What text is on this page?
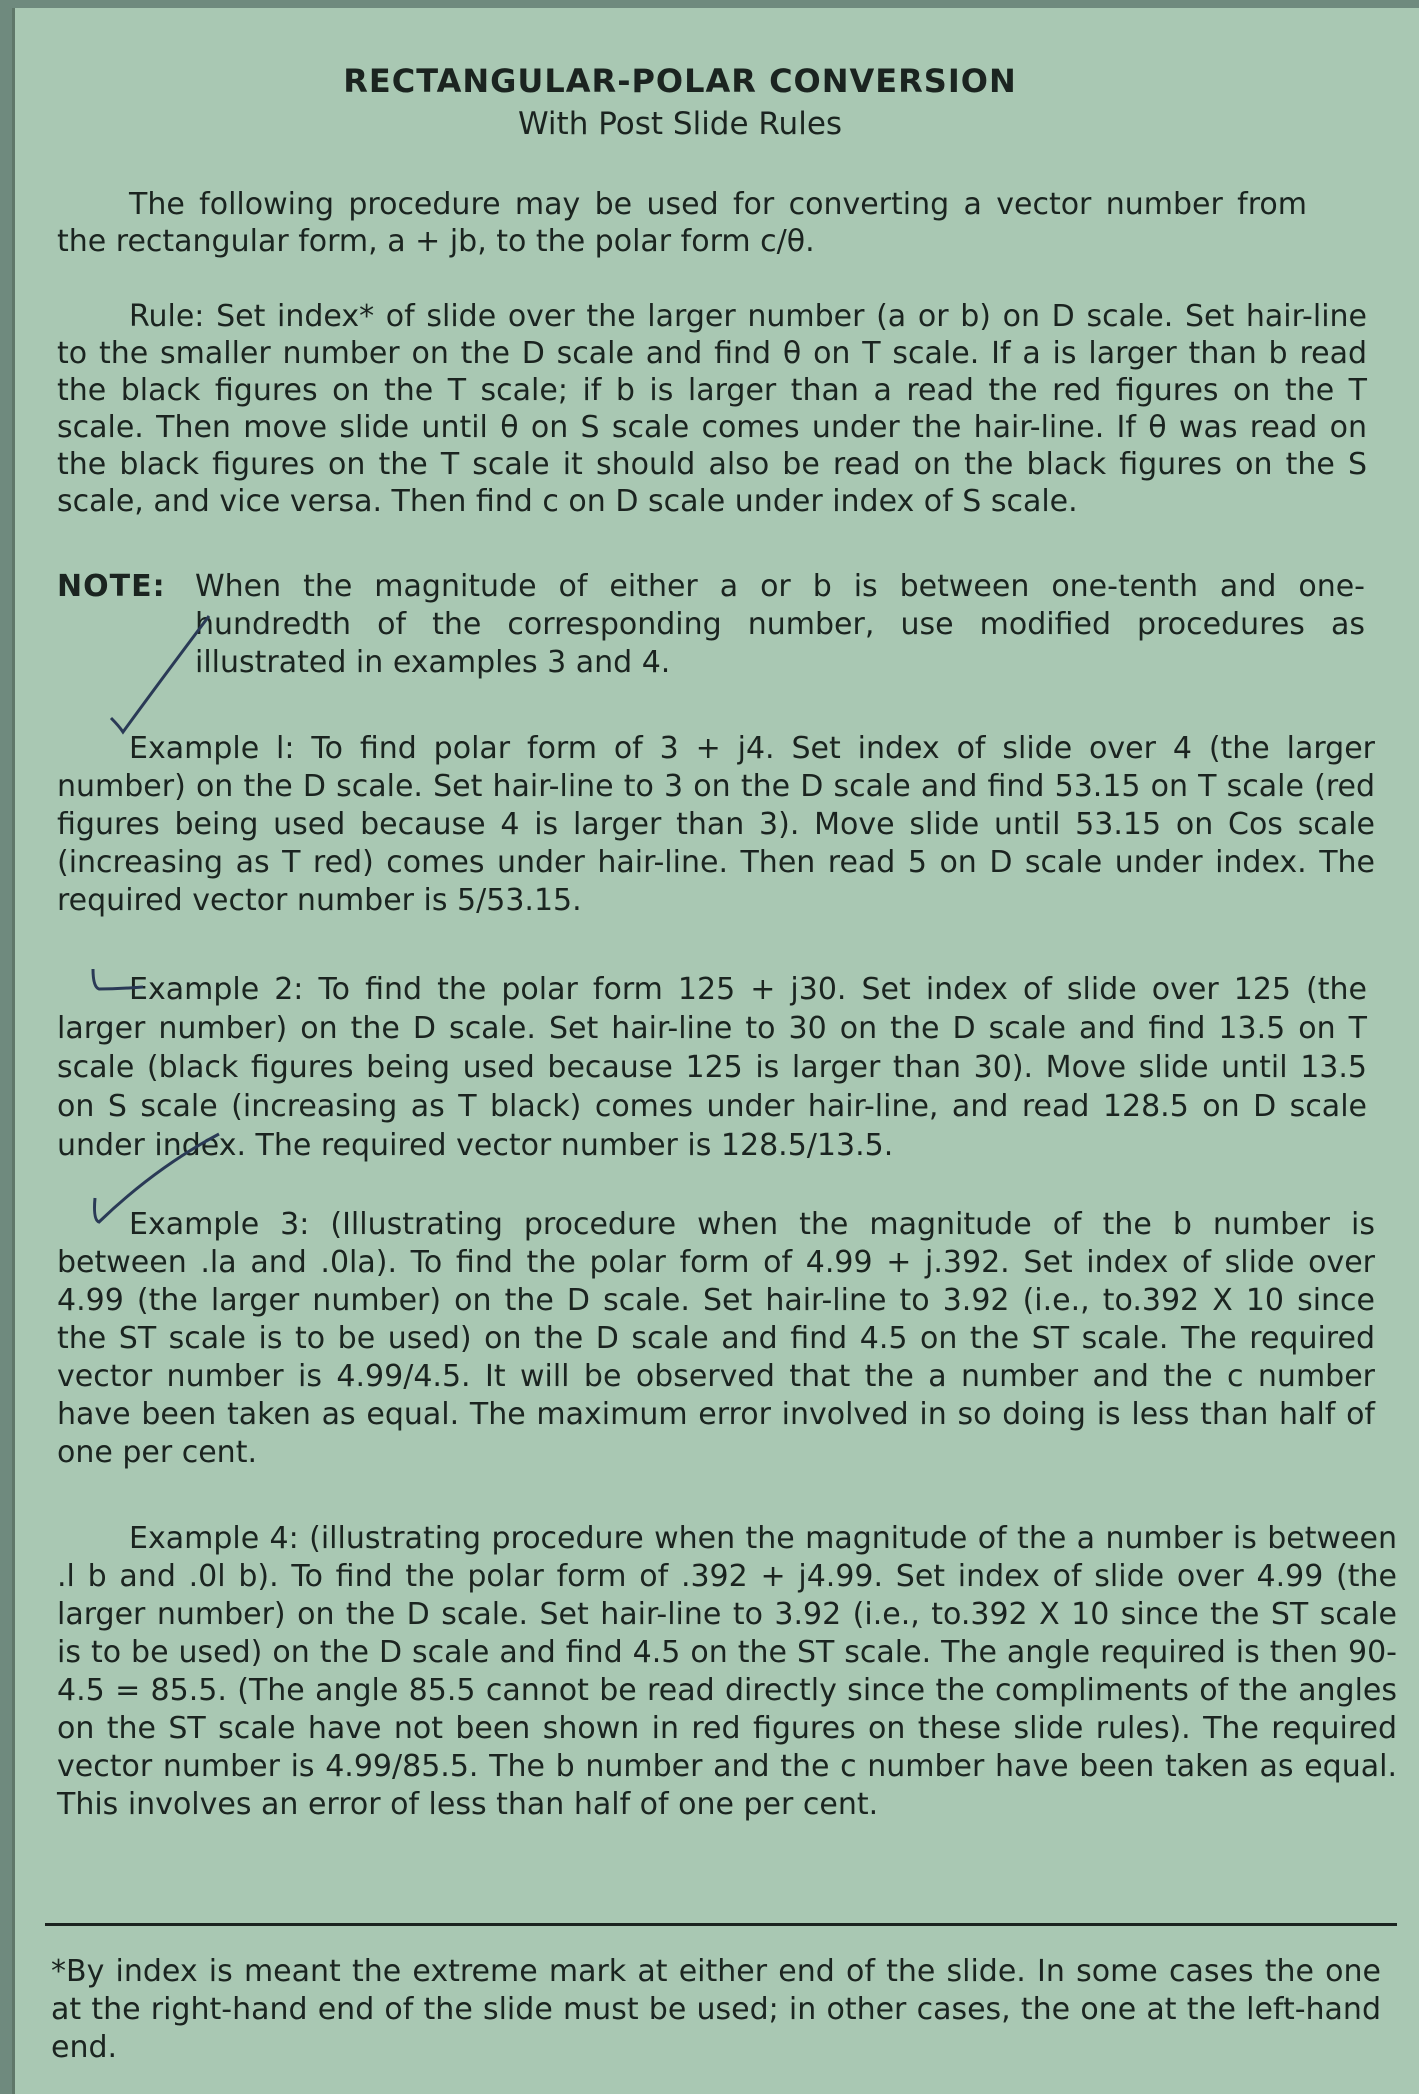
RECTANGULAR-POLAR CONVERSION
With Post Slide Rules

The following procedure may be used for converting a vector number from the rectangular form, a + jb, to the polar form c/θ.

Rule: Set index* of slide over the larger number (a or b) on D scale. Set hair-line to the smaller number on the D scale and find θ on T scale. If a is larger than b read the black figures on the T scale; if b is larger than a read the red figures on the T scale. Then move slide until θ on S scale comes under the hair-line. If θ was read on the black figures on the T scale it should also be read on the black figures on the S scale, and vice versa. Then find c on D scale under index of S scale.

NOTE: When the magnitude of either a or b is between one-tenth and one-hundredth of the corresponding number, use modified procedures as illustrated in examples 3 and 4.

Example l: To find polar form of 3 + j4. Set index of slide over 4 (the larger number) on the D scale. Set hair-line to 3 on the D scale and find 53.15 on T scale (red figures being used because 4 is larger than 3). Move slide until 53.15 on Cos scale (increasing as T red) comes under hair-line. Then read 5 on D scale under index. The required vector number is 5/53.15.

Example 2: To find the polar form 125 + j30. Set index of slide over 125 (the larger number) on the D scale. Set hair-line to 30 on the D scale and find 13.5 on T scale (black figures being used because 125 is larger than 30). Move slide until 13.5 on S scale (increasing as T black) comes under hair-line, and read 128.5 on D scale under index. The required vector number is 128.5/13.5.

Example 3: (Illustrating procedure when the magnitude of the b number is between .la and .0la). To find the polar form of 4.99 + j.392. Set index of slide over 4.99 (the larger number) on the D scale. Set hair-line to 3.92 (i.e., to.392 X 10 since the ST scale is to be used) on the D scale and find 4.5 on the ST scale. The required vector number is 4.99/4.5. It will be observed that the a number and the c number have been taken as equal. The maximum error involved in so doing is less than half of one per cent.

Example 4: (illustrating procedure when the magnitude of the a number is between .l b and .0l b). To find the polar form of .392 + j4.99. Set index of slide over 4.99 (the larger number) on the D scale. Set hair-line to 3.92 (i.e., to.392 X 10 since the ST scale is to be used) on the D scale and find 4.5 on the ST scale. The angle required is then 90-4.5 = 85.5. (The angle 85.5 cannot be read directly since the compliments of the angles on the ST scale have not been shown in red figures on these slide rules). The required vector number is 4.99/85.5. The b number and the c number have been taken as equal. This involves an error of less than half of one per cent.

*By index is meant the extreme mark at either end of the slide. In some cases the one at the right-hand end of the slide must be used; in other cases, the one at the left-hand end.
